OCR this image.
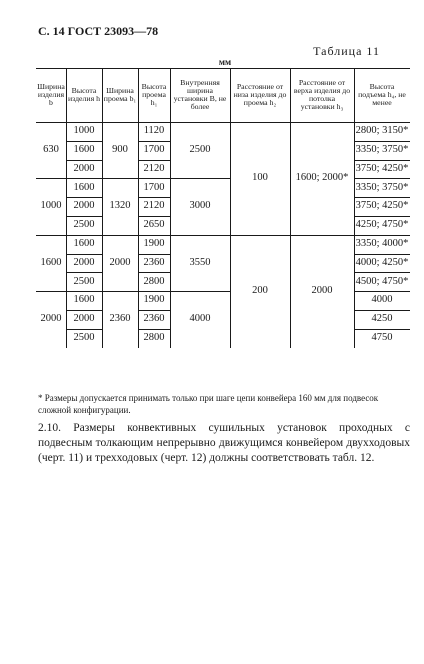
С. 14 ГОСТ 23093—78
Таблица 11
мм
Ширина изделия b
Высота изделия h
Ширина проема b₁
Высота проема h₁
Внутренняя ширина установки B, не более
Расстояние от низа изделия до проема h₂
Расстояние от верха изделия до потолка установки h₃
Высота подъема h₄, не менее
630
1000
1600
2000
1000
1600
2000
1600
2000
2500
1600
2000
2500
1600
2000
2500
900
1320
2000
2360
1120
1700
2120
1700
2120
2650
1900
2360
2800
1900
2360
2800
2500
3000
3550
4000
100
200
1600; 2000*
2000
2800; 3150*
3350; 3750*
3750; 4250*
3350; 3750*
3750; 4250*
4250; 4750*
3350; 4000*
4000; 4250*
4500; 4750*
4000
4250
4750
* Размеры допускается принимать только при шаге цепи конвейера 160 мм для подвесок сложной конфигурации.
2.10. Размеры конвективных сушильных установок проходных с подвесным толкающим непрерывно движущимся конвейером двухходовых (черт. 11) и трехходовых (черт. 12) должны соответствовать табл. 12.
